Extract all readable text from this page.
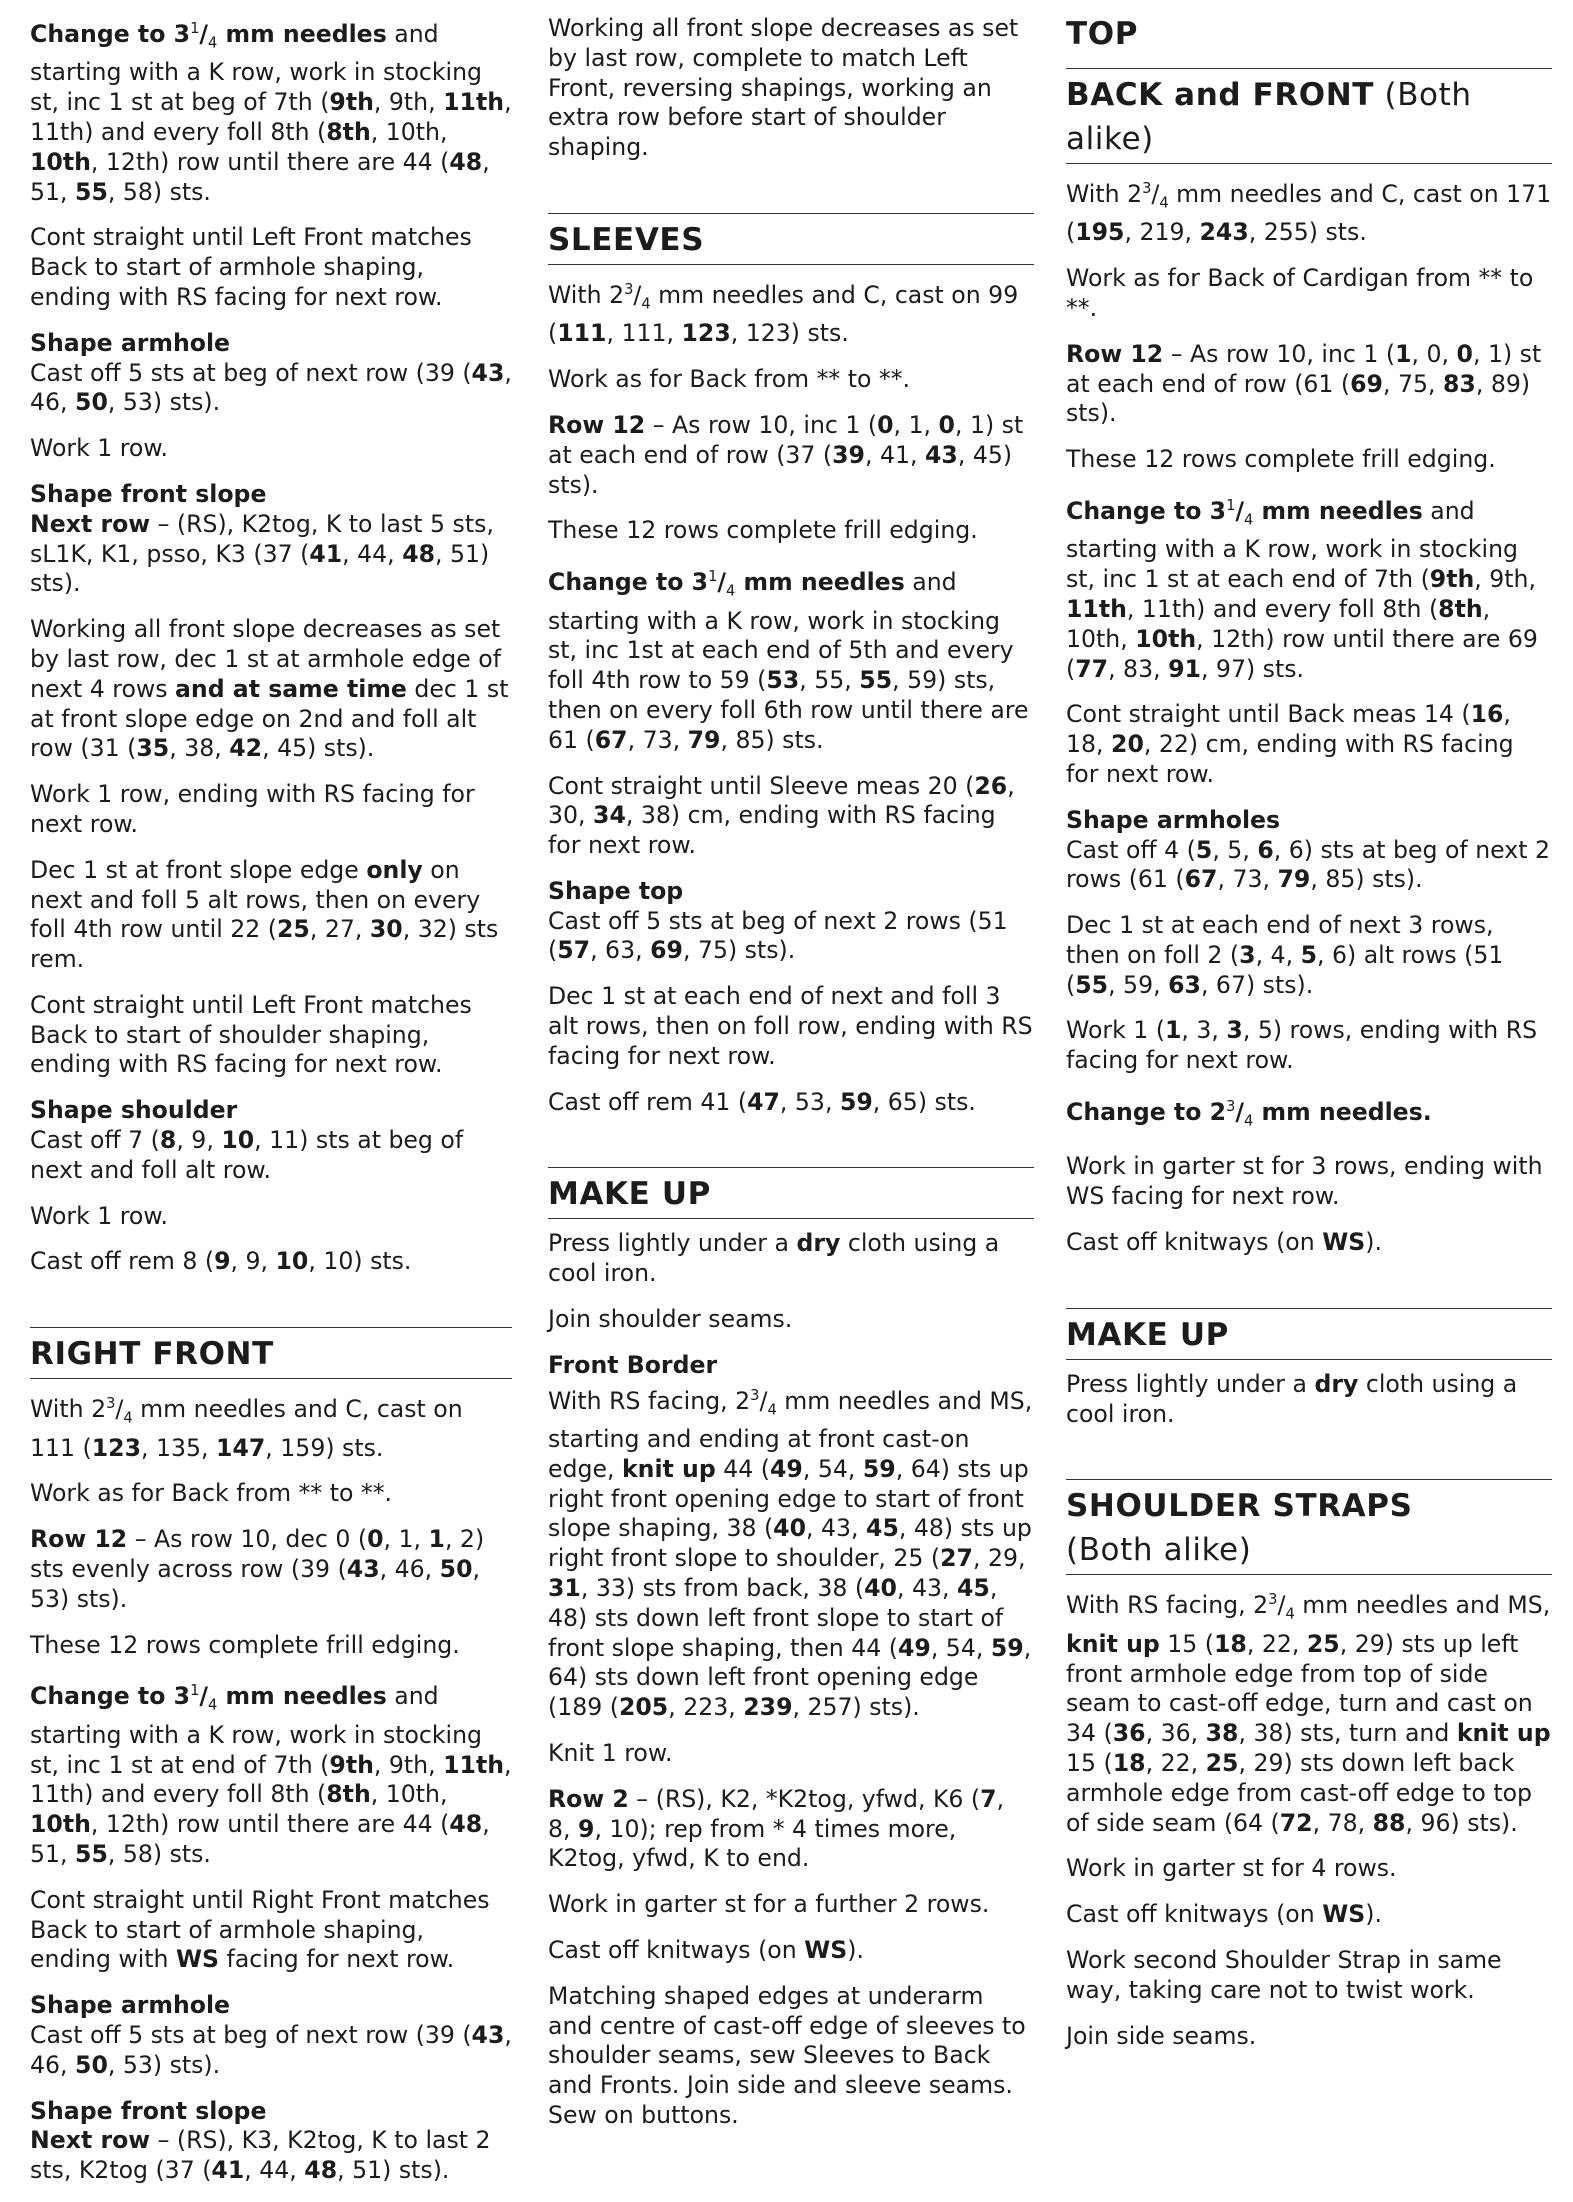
Change to $3^1/_4$ mm needles and starting with a K row, work in stocking st, inc 1 st at beg of 7th (9th, 9th, 11th, 11th) and every foll 8th (8th, 10th, 10th, 12th) row until there are 44 (48, 51, 55, 58) sts.
Cont straight until Left Front matches Back to start of armhole shaping, ending with RS facing for next row.
Shape armhole
Cast off 5 sts at beg of next row (39 (43, 46, 50, 53) sts).
Work 1 row.
Shape front slope
Next row – (RS), K2tog, K to last 5 sts, sL1K, K1, psso, K3 (37 (41, 44, 48, 51) sts).
Working all front slope decreases as set by last row, dec 1 st at armhole edge of next 4 rows and at same time dec 1 st at front slope edge on 2nd and foll alt row (31 (35, 38, 42, 45) sts).
Work 1 row, ending with RS facing for next row.
Dec 1 st at front slope edge only on next and foll 5 alt rows, then on every foll 4th row until 22 (25, 27, 30, 32) sts rem.
Cont straight until Left Front matches Back to start of shoulder shaping, ending with RS facing for next row.
Shape shoulder
Cast off 7 (8, 9, 10, 11) sts at beg of next and foll alt row.
Work 1 row.
Cast off rem 8 (9, 9, 10, 10) sts.
RIGHT FRONT
With $2^3/_4$ mm needles and C, cast on 111 (123, 135, 147, 159) sts.
Work as for Back from ** to **.
Row 12 – As row 10, dec 0 (0, 1, 1, 2) sts evenly across row (39 (43, 46, 50, 53) sts).
These 12 rows complete frill edging.
Change to $3^1/_4$ mm needles and starting with a K row, work in stocking st, inc 1 st at end of 7th (9th, 9th, 11th, 11th) and every foll 8th (8th, 10th, 10th, 12th) row until there are 44 (48, 51, 55, 58) sts.
Cont straight until Right Front matches Back to start of armhole shaping, ending with WS facing for next row.
Shape armhole
Cast off 5 sts at beg of next row (39 (43, 46, 50, 53) sts).
Shape front slope
Next row – (RS), K3, K2tog, K to last 2 sts, K2tog (37 (41, 44, 48, 51) sts).
Working all front slope decreases as set by last row, complete to match Left Front, reversing shapings, working an extra row before start of shoulder shaping.
SLEEVES
With $2^3/_4$ mm needles and C, cast on 99 (111, 111, 123, 123) sts.
Work as for Back from ** to **.
Row 12 – As row 10, inc 1 (0, 1, 0, 1) st at each end of row (37 (39, 41, 43, 45) sts).
These 12 rows complete frill edging.
Change to $3^1/_4$ mm needles and starting with a K row, work in stocking st, inc 1st at each end of 5th and every foll 4th row to 59 (53, 55, 55, 59) sts, then on every foll 6th row until there are 61 (67, 73, 79, 85) sts.
Cont straight until Sleeve meas 20 (26, 30, 34, 38) cm, ending with RS facing for next row.
Shape top
Cast off 5 sts at beg of next 2 rows (51 (57, 63, 69, 75) sts).
Dec 1 st at each end of next and foll 3 alt rows, then on foll row, ending with RS facing for next row.
Cast off rem 41 (47, 53, 59, 65) sts.
MAKE UP
Press lightly under a dry cloth using a cool iron.
Join shoulder seams.
Front Border
With RS facing, $2^3/_4$ mm needles and MS, starting and ending at front cast-on edge, knit up 44 (49, 54, 59, 64) sts up right front opening edge to start of front slope shaping, 38 (40, 43, 45, 48) sts up right front slope to shoulder, 25 (27, 29, 31, 33) sts from back, 38 (40, 43, 45, 48) sts down left front slope to start of front slope shaping, then 44 (49, 54, 59, 64) sts down left front opening edge (189 (205, 223, 239, 257) sts).
Knit 1 row.
Row 2 – (RS), K2, *K2tog, yfwd, K6 (7, 8, 9, 10); rep from * 4 times more, K2tog, yfwd, K to end.
Work in garter st for a further 2 rows.
Cast off knitways (on WS).
Matching shaped edges at underarm and centre of cast-off edge of sleeves to shoulder seams, sew Sleeves to Back and Fronts. Join side and sleeve seams. Sew on buttons.
TOP
BACK and FRONT (Both
alike)
With $2^3/_4$ mm needles and C, cast on 171 (195, 219, 243, 255) sts.
Work as for Back of Cardigan from ** to **.
Row 12 – As row 10, inc 1 (1, 0, 0, 1) st at each end of row (61 (69, 75, 83, 89) sts).
These 12 rows complete frill edging.
Change to $3^1/_4$ mm needles and starting with a K row, work in stocking st, inc 1 st at each end of 7th (9th, 9th, 11th, 11th) and every foll 8th (8th, 10th, 10th, 12th) row until there are 69 (77, 83, 91, 97) sts.
Cont straight until Back meas 14 (16, 18, 20, 22) cm, ending with RS facing for next row.
Shape armholes
Cast off 4 (5, 5, 6, 6) sts at beg of next 2 rows (61 (67, 73, 79, 85) sts).
Dec 1 st at each end of next 3 rows, then on foll 2 (3, 4, 5, 6) alt rows (51 (55, 59, 63, 67) sts).
Work 1 (1, 3, 3, 5) rows, ending with RS facing for next row.
Change to $2^3/_4$ mm needles.
Work in garter st for 3 rows, ending with WS facing for next row.
Cast off knitways (on WS).
MAKE UP
Press lightly under a dry cloth using a cool iron.
SHOULDER STRAPS
(Both alike)
With RS facing, $2^3/_4$ mm needles and MS, knit up 15 (18, 22, 25, 29) sts up left front armhole edge from top of side seam to cast-off edge, turn and cast on 34 (36, 36, 38, 38) sts, turn and knit up 15 (18, 22, 25, 29) sts down left back armhole edge from cast-off edge to top of side seam (64 (72, 78, 88, 96) sts).
Work in garter st for 4 rows.
Cast off knitways (on WS).
Work second Shoulder Strap in same way, taking care not to twist work.
Join side seams.
